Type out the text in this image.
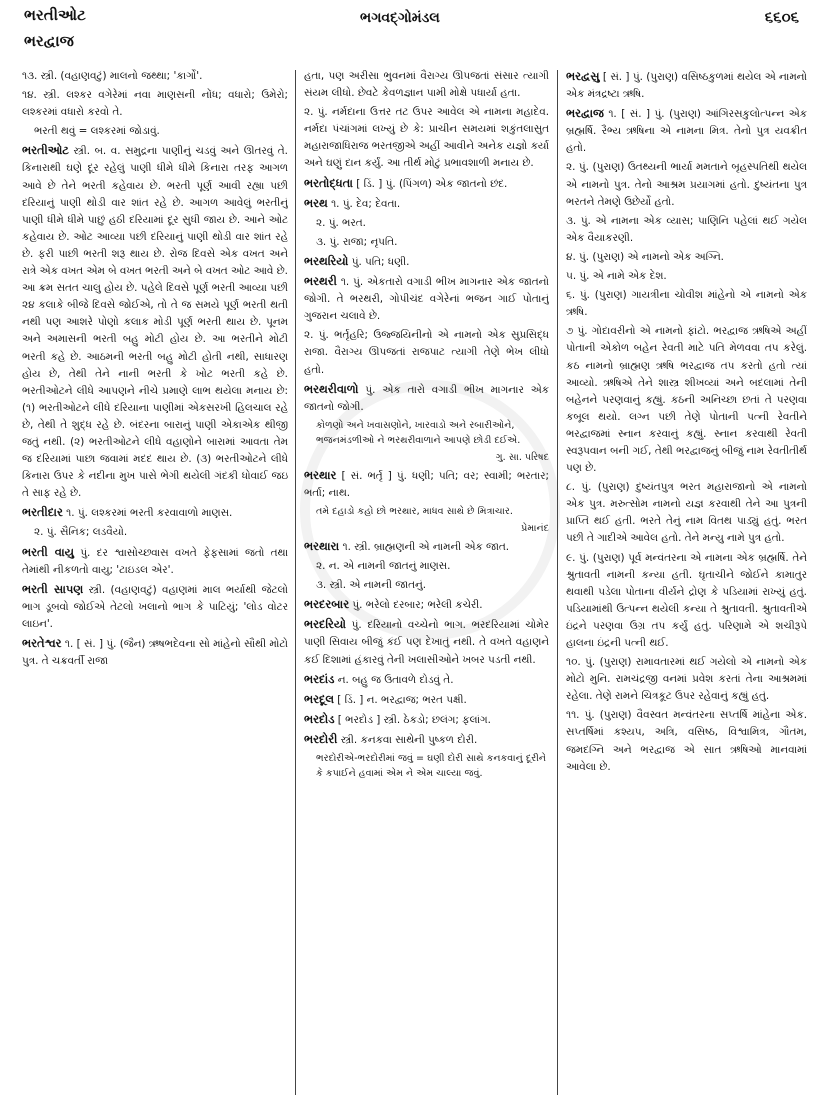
ભરતીઓટ
ભરદ્વાજ
ભગવદ્ગોમંડલ	૬૬૦૬
૧૩. સ્ત્રી. (વહાણવટું) માલનો જથ્થા; 'કાર્ગો'.
૧૪. સ્ત્રી. લશ્કર વગેરેમાં નવા માણસની નોંધ; વધારો; ઉમેરો; લશ્કરમાં વધારો કરવો તે.
ભરતી થવું = લશ્કરમાં જોડાવું.
ભરતીઓટ સ્ત્રી. બ. વ. સમુદ્રના પાણીનું ચડવું અને ઊતરવું તે. કિનારાથી ઘણે દૂર રહેલું પાણી ધીમે ધીમે કિનારા તરફ આગળ આવે છે તેને ભરતી કહેવાય છે. ભરતી પૂર્ણ આવી રહ્યા પછી દરિયાનું પાણી થોડી વાર શાંત રહે છે. આગળ આવેલું ભરતીનું પાણી ધીમે ધીમે પાછું હઠી દરિયામાં દૂર સુધી જાય છે. આને ઓટ કહેવાય છે. ઓટ આવ્યા પછી દરિયાનું પાણી થોડી વાર શાંત રહે છે. ફરી પાછી ભરતી શરૂ થાય છે. રોજ દિવસે એક વખત અને રાત્રે એક વખત એમ બે વખત ભરતી અને બે વખત ઓટ આવે છે. આ ક્રમ સતત ચાલુ હોય છે. પહેલે દિવસે પૂર્ણ ભરતી આવ્યા પછી ૨૪ કલાકે બીજે દિવસે જોઈએ, તો તે જ સમયે પૂર્ણ ભરતી થતી નથી પણ આશરે પોણો કલાક મોડી પૂર્ણ ભરતી થાય છે. પૂનમ અને અમાસની ભરતી બહુ મોટી હોય છે. આ ભરતીને મોટી ભરતી કહે છે. આઠમની ભરતી બહુ મોટી હોતી નથી, સાધારણ હોય છે, તેથી તેને નાની ભરતી કે ખોટ ભરતી કહે છે. ભરતીઓટને લીધે આપણને નીચે પ્રમાણે લાભ થયેલા મનાય છે: (૧) ભરતીઓટને લીધે દરિયાના પાણીમાં એકસરખી હિલચાલ રહે છે, તેથી તે શુદ્ધ રહે છે. બંદરના બારાનું પાણી એકાએક થીજી જતું નથી. (૨) ભરતીઓટને લીધે વહાણોને બારામાં આવતા તેમ જ દરિયામાં પાછા જવામાં મદદ થાય છે. (૩) ભરતીઓટને લીધે કિનારા ઉપર કે નદીના મુખ પાસે ભેગી થયેલી ગંદકી ધોવાઈ જઇ તે સાફ રહે છે.
ભરતીદાર ૧. પું. લશ્કરમાં ભરતી કરવાવાળો માણસ.
૨. પું. સૈનિક; લડવૈયો.
ભરતી વાયુ પું. દર શ્વાસોચ્છ્વાસ વખતે ફેફસામાં જતો તથા તેમાંથી નીકળતો વાયુ; 'ટાઇડલ એર'.
ભરતી સાપણ સ્ત્રી. (વહાણવટું) વહાણમાં માલ ભર્યાથી જેટલો ભાગ ડૂબવો જોઈએ તેટલો ખલાનો ભાગ કે પાટિયું; 'લોડ વોટર લાઇન'.
ભરતેશ્વર ૧. [ સં. ] પું. (જૈન) ઋષભદેવના સો માંહેનો સૌથી મોટો પુત્ર. તે ચક્રવર્તી રાજા
હતા, પણ અરીસા ભુવનમાં વૈરાગ્ય ઊપજતાં સંસાર ત્યાગી સંયમ લીધો. છેવટે કેવળજ્ઞાન પામી મોક્ષે પધાર્યા હતા.
૨. પું. નર્મદાના ઉત્તર તટ ઉપર આવેલ એ નામના મહાદેવ. નર્મદા પંચાંગમાં લખ્યું છે કે: પ્રાચીન સમયમાં શકુંતલાસુત મહારાજાધિરાજ ભરતજીએ અહીં આવીને અનેક યજ્ઞો કર્યા અને ઘણું દાન કર્યું. આ તીર્થ મોટું પ્રભાવશાળી મનાય છે.
ભરતોદ્ધતા [ ડિં. ] પું. (પિંગળ) એક જાતનો છંદ.
ભરથ ૧. પું. દેવ; દેવતા.
૨. પું. ભરત.
૩. પું. રાજા; નૃપતિ.
ભરથરિયો પું. પતિ; ધણી.
ભરથરી ૧. પું. એકતારો વગાડી ભીખ માગનાર એક જાતનો જોગી. તે ભરથરી, ગોપીચંદ વગેરેનાં ભજન ગાઈ પોતાનું ગુજરાન ચલાવે છે.
૨. પું. ભર્તૃહરિ; ઉજ્જયિનીનો એ નામનો એક સુપ્રસિદ્ધ રાજા. વૈરાગ્ય ઊપજતાં રાજપાટ ત્યાગી તેણે ભેખ લીધો હતો.
ભરથરીવાળો પું. એક તારો વગાડી ભીખ માગનાર એક જાતનો જોગી.
કોળણો અને ખવાસણોને, ખારવાડો અને રબારીઓને, ભજનમંડળીઓ ને ભરથરીવાળાને આપણે છોડી દઈએ.
ગુ. સા. પરિષદ
ભરથાર [ સં. ભર્તૃ ] પું. ધણી; પતિ; વર; સ્વામી; ભરતાર; ભર્તા; નાથ.
તમે દહાડો કહો છો ભરથાર, માધવ સાથે છે મિત્રાચાર.
પ્રેમાનંદ
ભરથારા ૧. સ્ત્રી. બ્રાહ્મણની એ નામની એક જાત.
૨. ન. એ નામની જાતનું માણસ.
૩. સ્ત્રી. એ નામની જાતનું.
ભરદરબાર પું. ભરેલો દરબાર; ભરેલી કચેરી.
ભરદરિયો પું. દરિયાનો વચ્ચેનો ભાગ. ભરદરિયામાં ચોમેર પાણી સિવાય બીજું કંઈ પણ દેખાતું નથી. તે વખતે વહાણને કઈ દિશામાં હંકારવું તેની ખલાસીઓને ખબર પડતી નથી.
ભરદાંડ ન. બહુ જ ઉતાવળે દોડવું તે.
ભરદૂલ [ ડિં. ] ન. ભરદ્વાજ; ભરત પક્ષી.
ભરદોડ [ ભરદોડ ] સ્ત્રી. ઠેકડો; છલંગ; ફલાંગ.
ભરદોરી સ્ત્રી. કનકવા સાથેની પુષ્કળ દોરી.
ભરદોરીએ-ભરદોરીમાં જવું = ઘણી દોરી સાથે કનકવાનું દૂરીને કે કપાઈને હવામાં એમ ને એમ ચાલ્યા જવું.
ભરદ્વસુ [ સં. ] પું. (પુરાણ) વસિષ્ઠકુળમાં થયેલ એ નામનો એક મંત્રદ્રષ્ટા ઋષિ.
ભરદ્વાજ ૧. [ સં. ] પું. (પુરાણ) આંગિરસકુલોત્પન્ન એક બ્રહ્મર્ષિ. રૈભ્ય ઋષિના એ નામના મિત્ર. તેનો પુત્ર યવક્રીત હતો.
૨. પું. (પુરાણ) ઉતથ્યની ભાર્યા મમતાને બૃહસ્પતિથી થયેલ એ નામનો પુત્ર. તેનો આશ્રમ પ્રયાગમાં હતો. દુષ્યંતના પુત્ર ભરતને તેમણે ઉછેર્યો હતો.
૩. પું. એ નામના એક વ્યાસ; પાણિનિ પહેલાં થઈ ગયેલ એક વૈયાકરણી.
૪. પું. (પુરાણ) એ નામનો એક અગ્નિ.
૫. પું. એ નામે એક દેશ.
૬. પું. (પુરાણ) ગાયત્રીના ચોવીશ માંહેનો એ નામનો એક ઋષિ.
૭ પું. ગોદાવરીનો એ નામનો ફાંટો. ભરદ્વાજ ઋષિએ અહીં પોતાની એકોળ બહેન રેવતી માટે પતિ મેળવવા તપ કરેલું. કઠ નામનો બ્રાહ્મણ ઋષિ ભરદ્વાજ તપ કરતો હતો ત્યાં આવ્યો. ઋષિએ તેને શાસ્ત્ર શીખવ્યાં અને બદલામાં તેની બહેનને પરણવાનું કહ્યું. કઠની અનિચ્છા છતાં તે પરણવા કબૂલ થયો. લગ્ન પછી તેણે પોતાની પત્ની રેવતીને ભરદ્વાજમાં સ્નાન કરવાનું કહ્યું. સ્નાન કરવાથી રેવતી સ્વરૂપવાન બની ગઈ, તેથી ભરદ્વાજનું બીજું નામ રેવતીતીર્થ પણ છે.
૮. પું. (પુરાણ) દુષ્યંતપુત્ર ભરત મહારાજાનો એ નામનો એક પુત્ર. મરુત્સોમ નામનો યજ્ઞ કરવાથી તેને આ પુત્રની પ્રાપ્તિ થઈ હતી. ભરતે તેનું નામ વિતથ પાડ્યું હતું. ભરત પછી તે ગાદીએ આવેલ હતો. તેને મન્યુ નામે પુત્ર હતો.
૯. પું. (પુરાણ) પૂર્વ મન્વંતરના એ નામના એક બ્રહ્મર્ષિ. તેને શ્રુતાવતી નામની કન્યા હતી. ઘૃતાચીને જોઈને કામાતુર થવાથી પડેલા પોતાના વીર્યને દ્રોણ કે પડિયામાં રાખ્યું હતું. પડિયામાંથી ઉત્પન્ન થયેલી કન્યા તે શ્રુતાવતી. શ્રુતાવતીએ ઇંદ્રને પરણવા ઉગ્ર તપ કર્યું હતું. પરિણામે એ શચીરૂપે હાલના ઇંદ્રની પત્ની થઈ.
૧૦. પું. (પુરાણ) રામાવતારમાં થઈ ગયેલો એ નામનો એક મોટો મુનિ. રામચંદ્રજી વનમાં પ્રવેશ કરતાં તેના આશ્રમમાં રહેલા. તેણે રામને ચિત્રકૂટ ઉપર રહેવાનું કહ્યું હતું.
૧૧. પું. (પુરાણ) વૈવસ્વત મન્વંતરના સપ્તર્ષિ માંહેના એક. સપ્તર્ષિમાં કશ્યપ, અત્રિ, વસિષ્ઠ, વિશ્વામિત્ર, ગૌતમ, જમદગ્નિ અને ભરદ્વાજ એ સાત ઋષિઓ માનવામાં આવેલા છે.
